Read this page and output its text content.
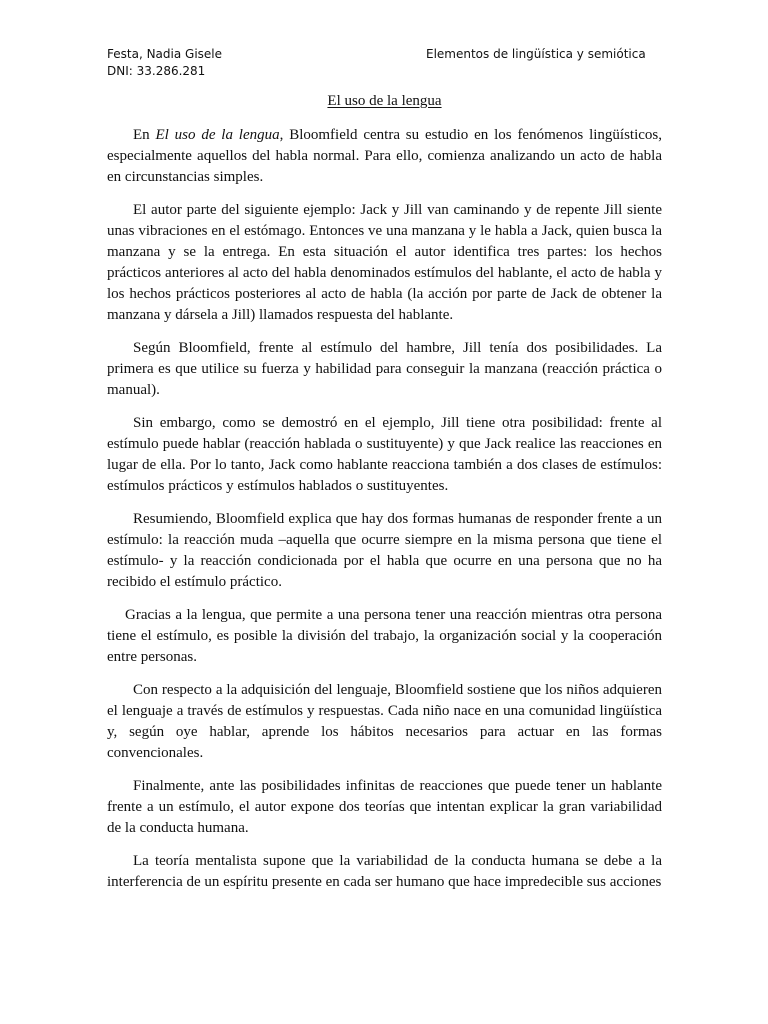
Festa, Nadia Gisele
DNI: 33.286.281
Elementos de lingüística y semiótica
El uso de la lengua

En El uso de la lengua, Bloomfield centra su estudio en los fenómenos lingüísticos, especialmente aquellos del habla normal. Para ello, comienza analizando un acto de habla en circunstancias simples.

El autor parte del siguiente ejemplo: Jack y Jill van caminando y de repente Jill siente unas vibraciones en el estómago. Entonces ve una manzana y le habla a Jack, quien busca la manzana y se la entrega. En esta situación el autor identifica tres partes: los hechos prácticos anteriores al acto del habla denominados estímulos del hablante, el acto de habla y los hechos prácticos posteriores al acto de habla (la acción por parte de Jack de obtener la manzana y dársela a Jill) llamados respuesta del hablante.

Según Bloomfield, frente al estímulo del hambre, Jill tenía dos posibilidades. La primera es que utilice su fuerza y habilidad para conseguir la manzana (reacción práctica o manual).

Sin embargo, como se demostró en el ejemplo, Jill tiene otra posibilidad: frente al estímulo puede hablar (reacción hablada o sustituyente) y que Jack realice las reacciones en lugar de ella. Por lo tanto, Jack como hablante reacciona también a dos clases de estímulos: estímulos prácticos y estímulos hablados o sustituyentes.

Resumiendo, Bloomfield explica que hay dos formas humanas de responder frente a un estímulo: la reacción muda –aquella que ocurre siempre en la misma persona que tiene el estímulo- y la reacción condicionada por el habla que ocurre en una persona que no ha recibido el estímulo práctico.

Gracias a la lengua, que permite a una persona tener una reacción mientras otra persona tiene el estímulo, es posible la división del trabajo, la organización social y la cooperación entre personas.

Con respecto a la adquisición del lenguaje, Bloomfield sostiene que los niños adquieren el lenguaje a través de estímulos y respuestas. Cada niño nace en una comunidad lingüística y, según oye hablar, aprende los hábitos necesarios para actuar en las formas convencionales.

Finalmente, ante las posibilidades infinitas de reacciones que puede tener un hablante frente a un estímulo, el autor expone dos teorías que intentan explicar la gran variabilidad de la conducta humana.

La teoría mentalista supone que la variabilidad de la conducta humana se debe a la interferencia de un espíritu presente en cada ser humano que hace impredecible sus acciones
